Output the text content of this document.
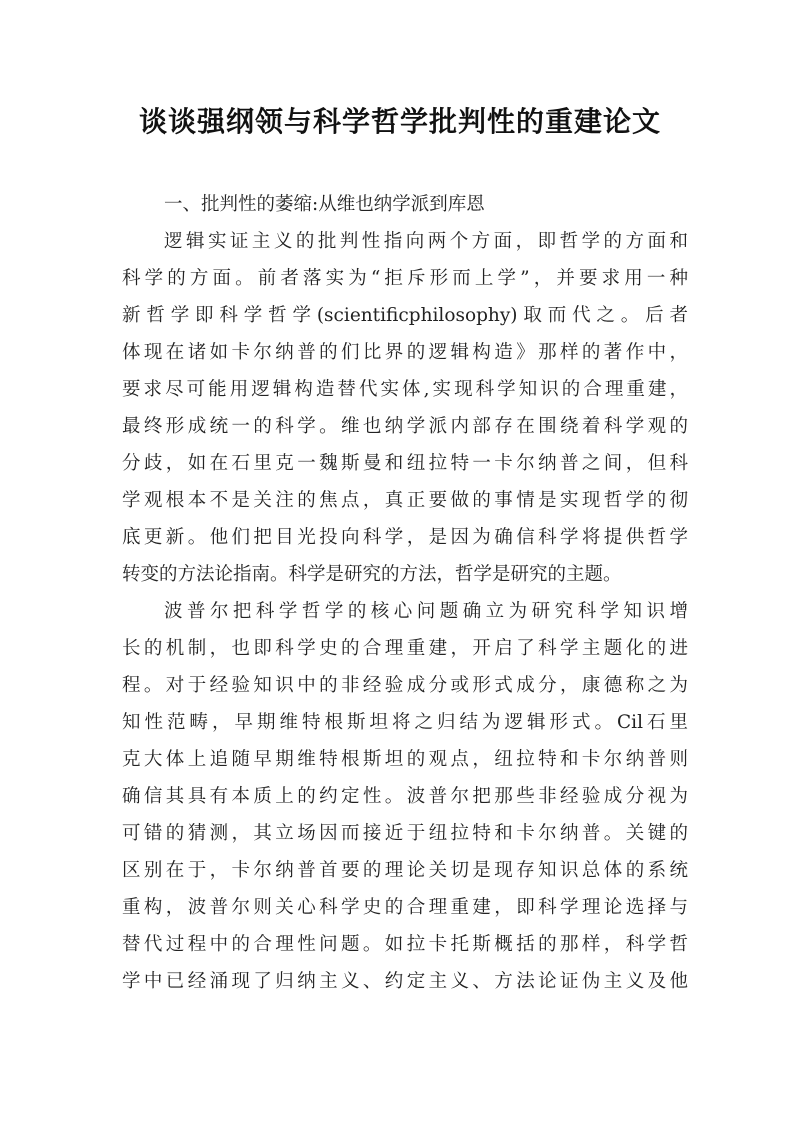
谈谈强纲领与科学哲学批判性的重建论文
一、批判性的萎缩:从维也纳学派到库恩
逻辑实证主义的批判性指向两个方面，即哲学的方面和
科学的方面。前者落实为“拒斥形而上学”，并要求用一种
新哲学即科学哲学(scientificphilosophy)取而代之。后者
体现在诸如卡尔纳普的们比界的逻辑构造》那样的著作中，
要求尽可能用逻辑构造替代实体,实现科学知识的合理重建，
最终形成统一的科学。维也纳学派内部存在围绕着科学观的
分歧，如在石里克一魏斯曼和纽拉特一卡尔纳普之间，但科
学观根本不是关注的焦点，真正要做的事情是实现哲学的彻
底更新。他们把目光投向科学，是因为确信科学将提供哲学
转变的方法论指南。科学是研究的方法，哲学是研究的主题。
波普尔把科学哲学的核心问题确立为研究科学知识增
长的机制，也即科学史的合理重建，开启了科学主题化的进
程。对于经验知识中的非经验成分或形式成分，康德称之为
知性范畴，早期维特根斯坦将之归结为逻辑形式。Cil石里
克大体上追随早期维特根斯坦的观点，纽拉特和卡尔纳普则
确信其具有本质上的约定性。波普尔把那些非经验成分视为
可错的猜测，其立场因而接近于纽拉特和卡尔纳普。关键的
区别在于，卡尔纳普首要的理论关切是现存知识总体的系统
重构，波普尔则关心科学史的合理重建，即科学理论选择与
替代过程中的合理性问题。如拉卡托斯概括的那样，科学哲
学中已经涌现了归纳主义、约定主义、方法论证伪主义及他
